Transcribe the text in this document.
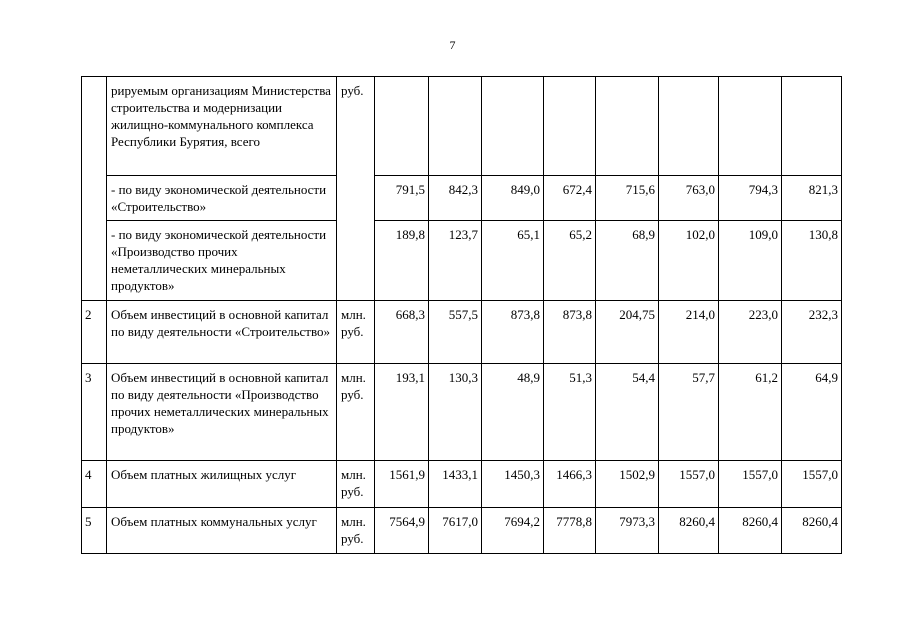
7
	рируемым организациям Министерства строительства и модернизации жилищно-коммунального комплекса Республики Бурятия, всего	руб.								
	- по виду экономической деятельности «Строительство»		791,5	842,3	849,0	672,4	715,6	763,0	794,3	821,3
	- по виду экономической деятельности «Производство прочих неметаллических минеральных продуктов»		189,8	123,7	65,1	65,2	68,9	102,0	109,0	130,8
2	Объем инвестиций в основной капитал по виду деятельности «Строительство»	млн. руб.	668,3	557,5	873,8	873,8	204,75	214,0	223,0	232,3
3	Объем инвестиций в основной капитал по виду деятельности «Производство прочих неметаллических минеральных продуктов»	млн. руб.	193,1	130,3	48,9	51,3	54,4	57,7	61,2	64,9
4	Объем платных жилищных услуг	млн. руб.	1561,9	1433,1	1450,3	1466,3	1502,9	1557,0	1557,0	1557,0
5	Объем платных коммунальных услуг	млн. руб.	7564,9	7617,0	7694,2	7778,8	7973,3	8260,4	8260,4	8260,4
